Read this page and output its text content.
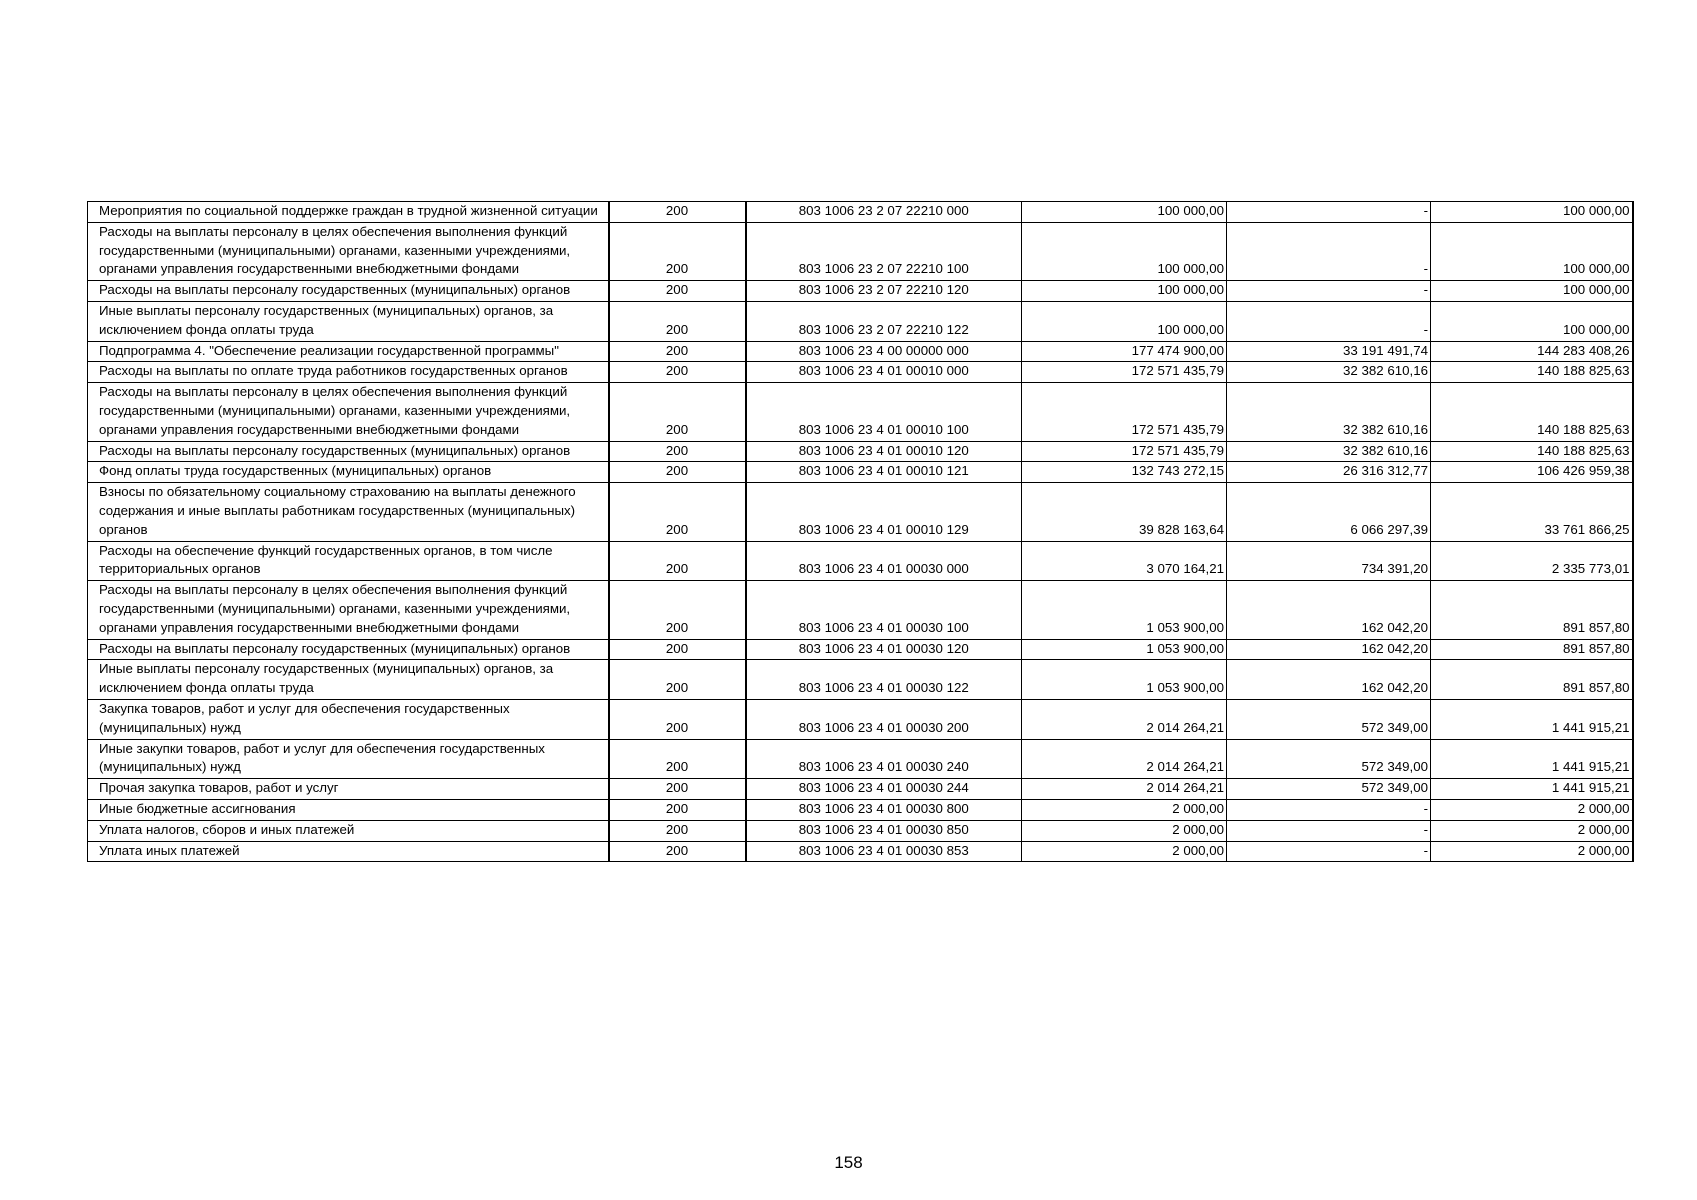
Мероприятия по социальной поддержке граждан в трудной жизненной ситуации	200	803 1006 23 2 07 22210 000	100 000,00	-	100 000,00

Расходы на выплаты персоналу в целях обеспечения выполнения функций государственными (муниципальными) органами, казенными учреждениями, органами управления государственными внебюджетными фондами	200	803 1006 23 2 07 22210 100	100 000,00	-	100 000,00

Расходы на выплаты персоналу государственных (муниципальных) органов	200	803 1006 23 2 07 22210 120	100 000,00	-	100 000,00

Иные выплаты персоналу государственных (муниципальных) органов, за исключением фонда оплаты труда	200	803 1006 23 2 07 22210 122	100 000,00	-	100 000,00

Подпрограмма 4. "Обеспечение реализации государственной программы"	200	803 1006 23 4 00 00000 000	177 474 900,00	33 191 491,74	144 283 408,26

Расходы на выплаты по оплате труда работников государственных органов	200	803 1006 23 4 01 00010 000	172 571 435,79	32 382 610,16	140 188 825,63

Расходы на выплаты персоналу в целях обеспечения выполнения функций государственными (муниципальными) органами, казенными учреждениями, органами управления государственными внебюджетными фондами	200	803 1006 23 4 01 00010 100	172 571 435,79	32 382 610,16	140 188 825,63

Расходы на выплаты персоналу государственных (муниципальных) органов	200	803 1006 23 4 01 00010 120	172 571 435,79	32 382 610,16	140 188 825,63

Фонд оплаты труда государственных (муниципальных) органов	200	803 1006 23 4 01 00010 121	132 743 272,15	26 316 312,77	106 426 959,38

Взносы по обязательному социальному страхованию на выплаты денежного содержания и иные выплаты работникам государственных (муниципальных) органов	200	803 1006 23 4 01 00010 129	39 828 163,64	6 066 297,39	33 761 866,25

Расходы на обеспечение функций государственных органов, в том числе территориальных органов	200	803 1006 23 4 01 00030 000	3 070 164,21	734 391,20	2 335 773,01

Расходы на выплаты персоналу в целях обеспечения выполнения функций государственными (муниципальными) органами, казенными учреждениями, органами управления государственными внебюджетными фондами	200	803 1006 23 4 01 00030 100	1 053 900,00	162 042,20	891 857,80

Расходы на выплаты персоналу государственных (муниципальных) органов	200	803 1006 23 4 01 00030 120	1 053 900,00	162 042,20	891 857,80

Иные выплаты персоналу государственных (муниципальных) органов, за исключением фонда оплаты труда	200	803 1006 23 4 01 00030 122	1 053 900,00	162 042,20	891 857,80

Закупка товаров, работ и услуг для обеспечения государственных (муниципальных) нужд	200	803 1006 23 4 01 00030 200	2 014 264,21	572 349,00	1 441 915,21

Иные закупки товаров, работ и услуг для обеспечения государственных (муниципальных) нужд	200	803 1006 23 4 01 00030 240	2 014 264,21	572 349,00	1 441 915,21

Прочая закупка товаров, работ и услуг	200	803 1006 23 4 01 00030 244	2 014 264,21	572 349,00	1 441 915,21

Иные бюджетные ассигнования	200	803 1006 23 4 01 00030 800	2 000,00	-	2 000,00

Уплата налогов, сборов и иных платежей	200	803 1006 23 4 01 00030 850	2 000,00	-	2 000,00

Уплата иных платежей	200	803 1006 23 4 01 00030 853	2 000,00	-	2 000,00
158
